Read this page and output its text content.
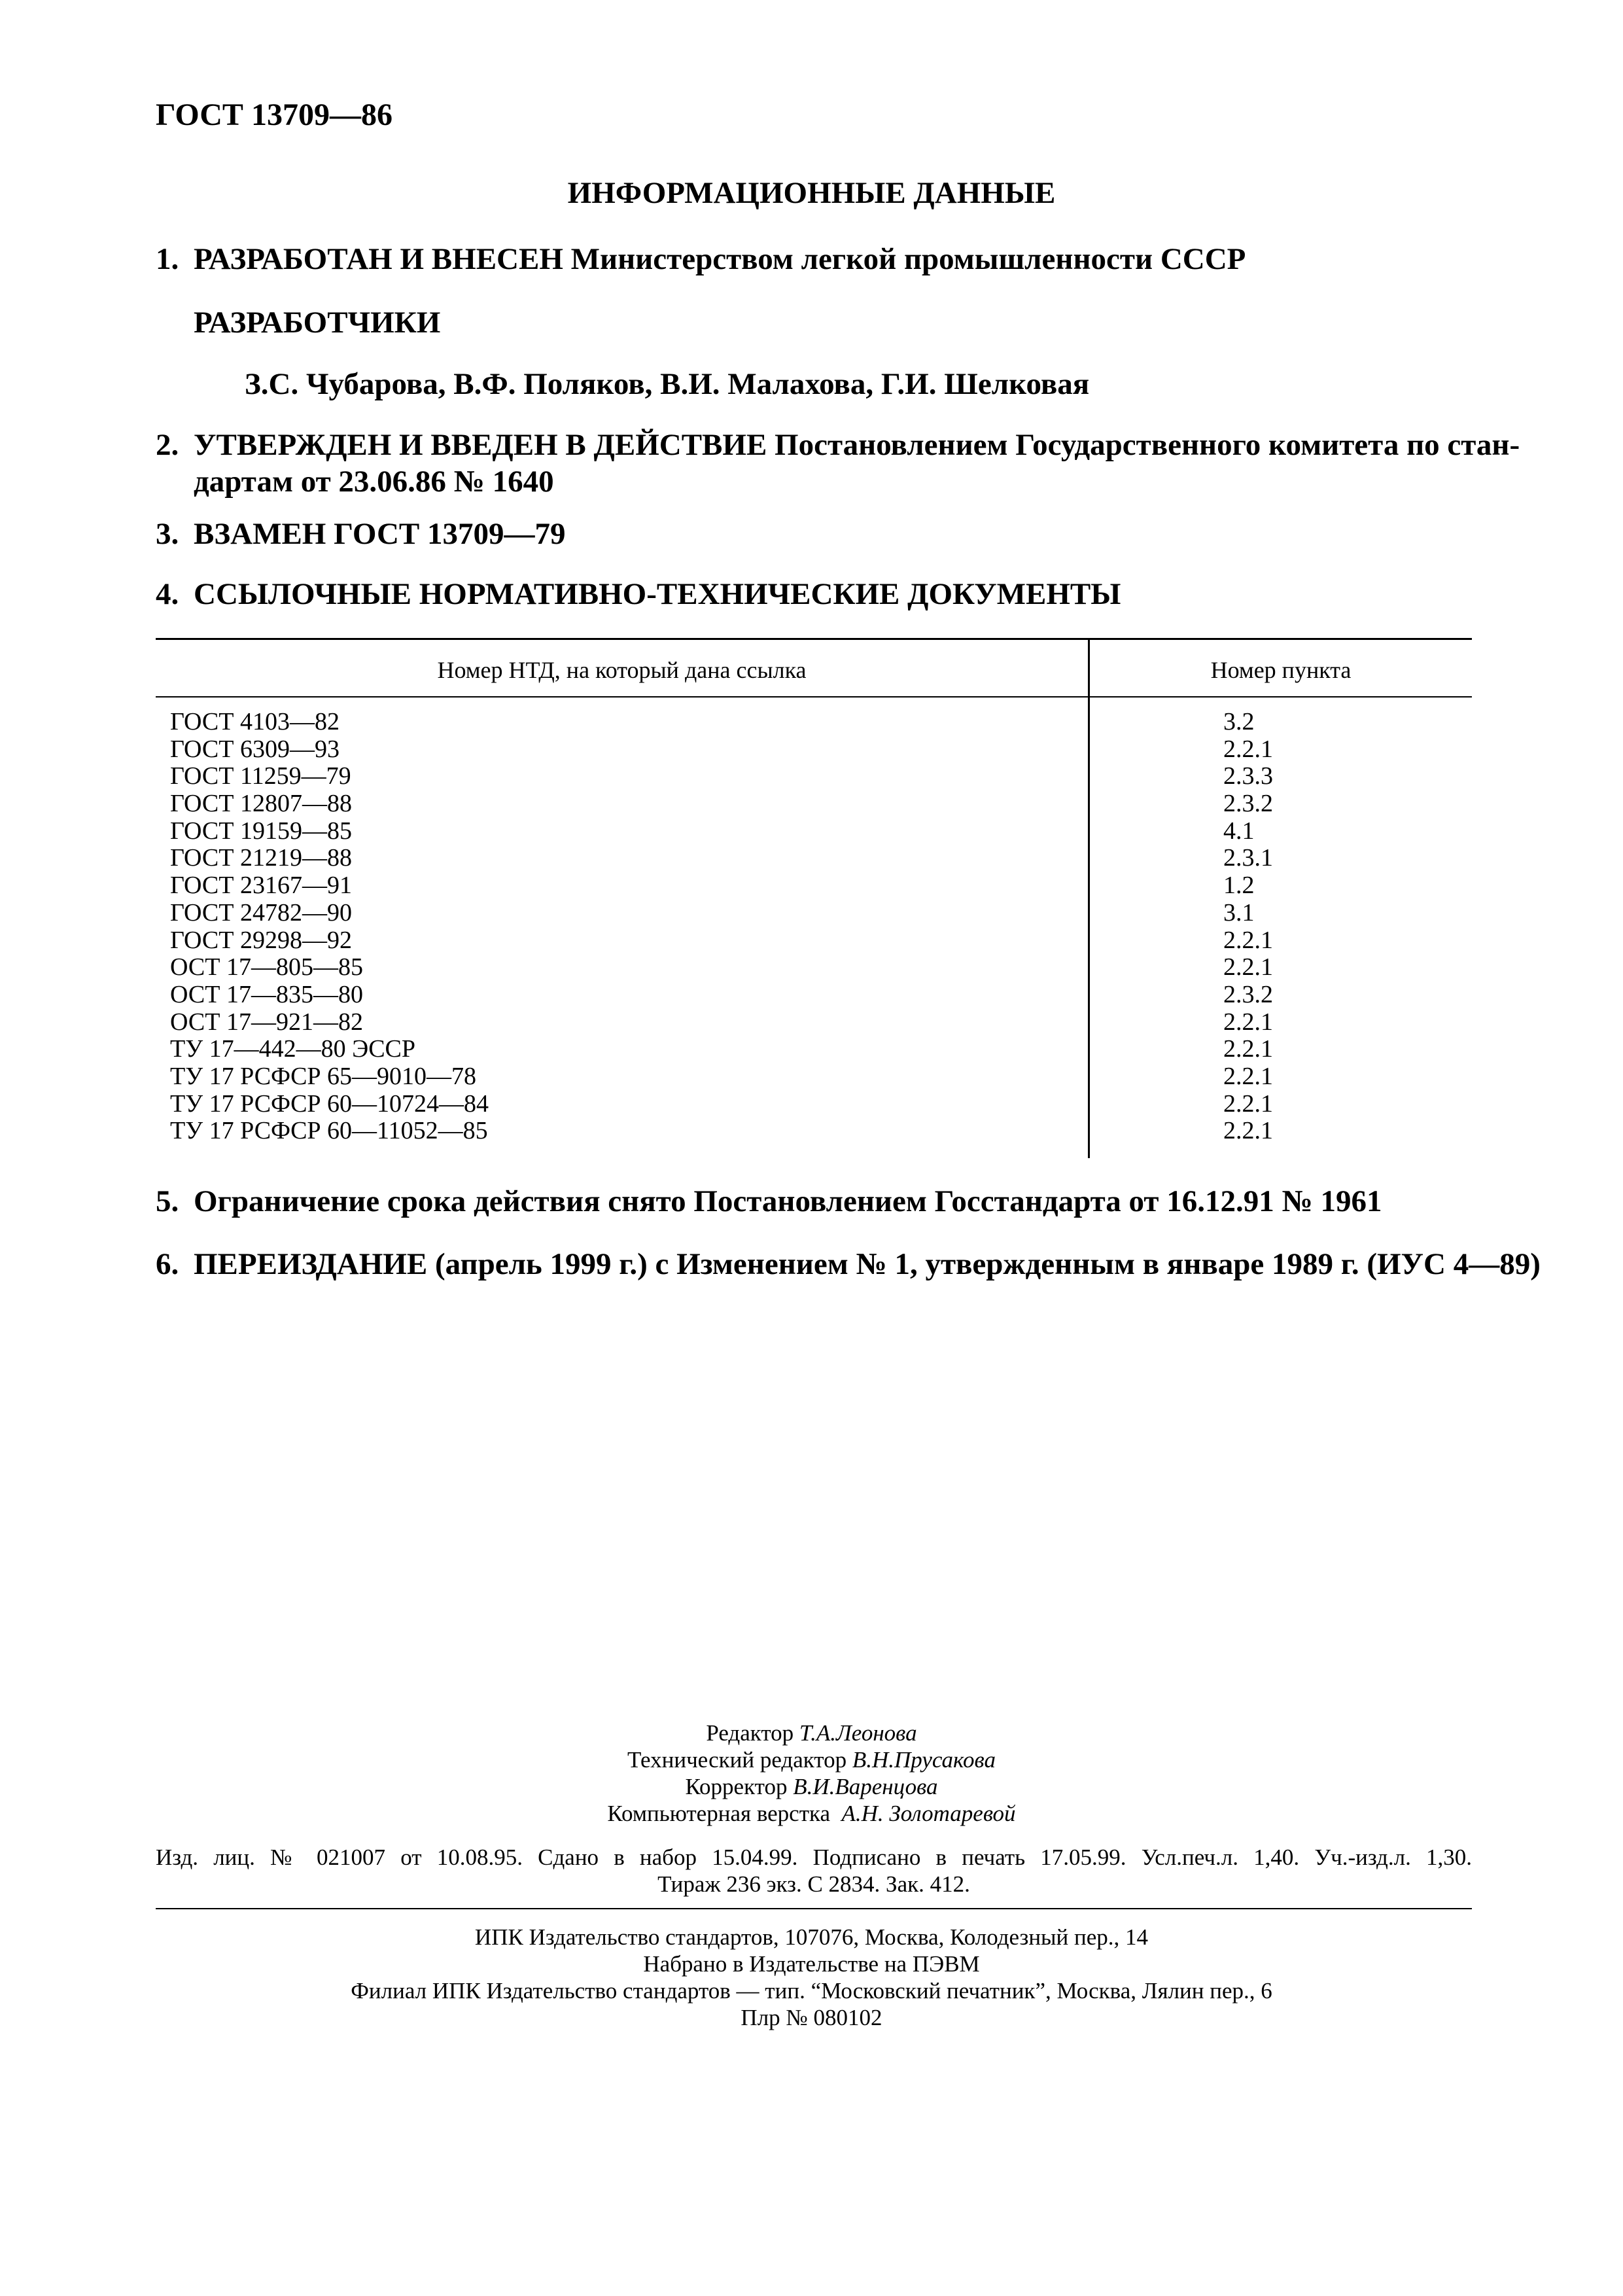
ГОСТ 13709—86
ИНФОРМАЦИОННЫЕ ДАННЫЕ
1. РАЗРАБОТАН И ВНЕСЕН Министерством легкой промышленности СССР
РАЗРАБОТЧИКИ
З.С. Чубарова, В.Ф. Поляков, В.И. Малахова, Г.И. Шелковая
2. УТВЕРЖДЕН И ВВЕДЕН В ДЕЙСТВИЕ Постановлением Государственного комитета по стан-
дартам от 23.06.86 № 1640
3. ВЗАМЕН ГОСТ 13709—79
4. ССЫЛОЧНЫЕ НОРМАТИВНО-ТЕХНИЧЕСКИЕ ДОКУМЕНТЫ
Номер НТД, на который дана ссылка	Номер пункта
ГОСТ 4103—82	3.2
ГОСТ 6309—93	2.2.1
ГОСТ 11259—79	2.3.3
ГОСТ 12807—88	2.3.2
ГОСТ 19159—85	4.1
ГОСТ 21219—88	2.3.1
ГОСТ 23167—91	1.2
ГОСТ 24782—90	3.1
ГОСТ 29298—92	2.2.1
ОСТ 17—805—85	2.2.1
ОСТ 17—835—80	2.3.2
ОСТ 17—921—82	2.2.1
ТУ 17—442—80 ЭССР	2.2.1
ТУ 17 РСФСР 65—9010—78	2.2.1
ТУ 17 РСФСР 60—10724—84	2.2.1
ТУ 17 РСФСР 60—11052—85	2.2.1
5. Ограничение срока действия снято Постановлением Госстандарта от 16.12.91 № 1961
6. ПЕРЕИЗДАНИЕ (апрель 1999 г.) с Изменением № 1, утвержденным в январе 1989 г. (ИУС 4—89)
Редактор Т.А.Леонова
Технический редактор В.Н.Прусакова
Корректор В.И.Варенцова
Компьютерная верстка А.Н. Золотаревой
Изд. лиц. № 021007 от 10.08.95. Сдано в набор 15.04.99. Подписано в печать 17.05.99. Усл.печ.л. 1,40. Уч.-изд.л. 1,30.
Тираж 236 экз. С 2834. Зак. 412.
ИПК Издательство стандартов, 107076, Москва, Колодезный пер., 14
Набрано в Издательстве на ПЭВМ
Филиал ИПК Издательство стандартов — тип. “Московский печатник”, Москва, Лялин пер., 6
Плр № 080102
